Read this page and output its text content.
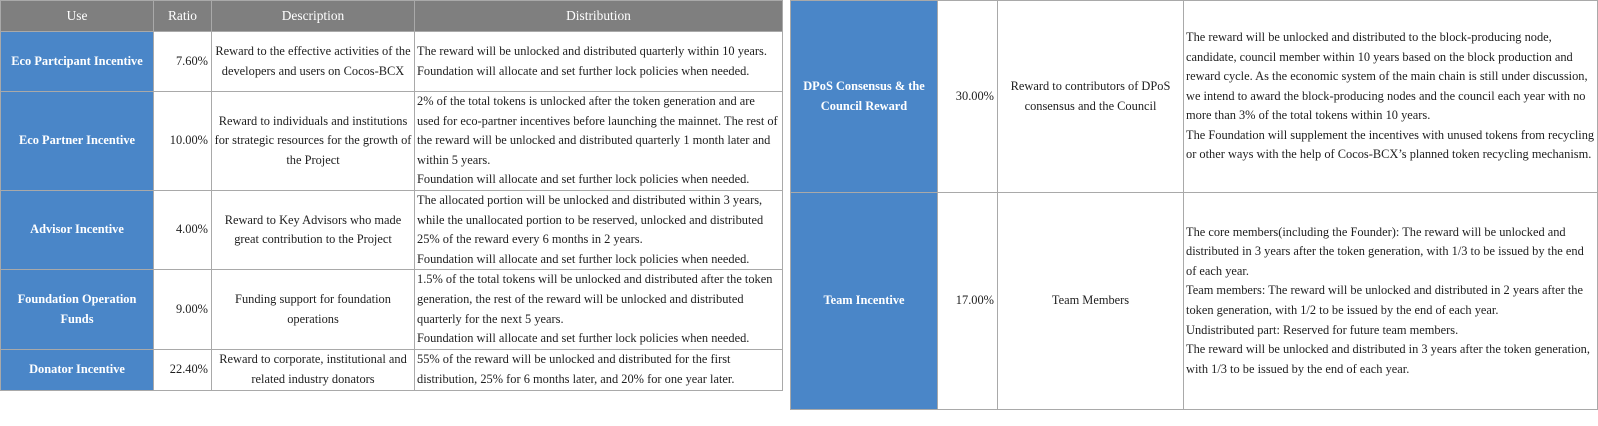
Use	Ratio	Description	Distribution
Eco Partcipant Incentive	7.60%	Reward to the effective activities of the developers and users on Cocos-BCX	The reward will be unlocked and distributed quarterly within 10 years.
Foundation will allocate and set further lock policies when needed.

Eco Partner Incentive	10.00%	Reward to individuals and institutions for strategic resources for the growth of the Project	2% of the total tokens is unlocked after the token generation and are used for eco-partner incentives before launching the mainnet. The rest of the reward will be unlocked and distributed quarterly 1 month later and within 5 years.
Foundation will allocate and set further lock policies when needed.

Advisor Incentive	4.00%	Reward to Key Advisors who made great contribution to the Project	The allocated portion will be unlocked and distributed within 3 years, while the unallocated portion to be reserved, unlocked and distributed 25% of the reward every 6 months in 2 years.
Foundation will allocate and set further lock policies when needed.

Foundation Operation Funds	9.00%	Funding support for foundation operations	1.5% of the total tokens will be unlocked and distributed after the token generation, the rest of the reward will be unlocked and distributed quarterly for the next 5 years.
Foundation will allocate and set further lock policies when needed.

Donator Incentive	22.40%	Reward to corporate, institutional and related industry donators	55% of the reward will be unlocked and distributed for the first distribution, 25% for 6 months later, and 20% for one year later.
DPoS Consensus & the Council Reward	30.00%	Reward to contributors of DPoS consensus and the Council	The reward will be unlocked and distributed to the block-producing node, candidate, council member within 10 years based on the block production and reward cycle. As the economic system of the main chain is still under discussion, we intend to award the block-producing nodes and the council each year with no more than 3% of the total tokens within 10 years.
The Foundation will supplement the incentives with unused tokens from recycling or other ways with the help of Cocos-BCX’s planned token recycling mechanism.

Team Incentive	17.00%	Team Members	The core members(including the Founder): The reward will be unlocked and distributed in 3 years after the token generation, with 1/3 to be issued by the end of each year.
Team members: The reward will be unlocked and distributed in 2 years after the token generation, with 1/2 to be issued by the end of each year.
Undistributed part: Reserved for future team members.
The reward will be unlocked and distributed in 3 years after the token generation, with 1/3 to be issued by the end of each year.
